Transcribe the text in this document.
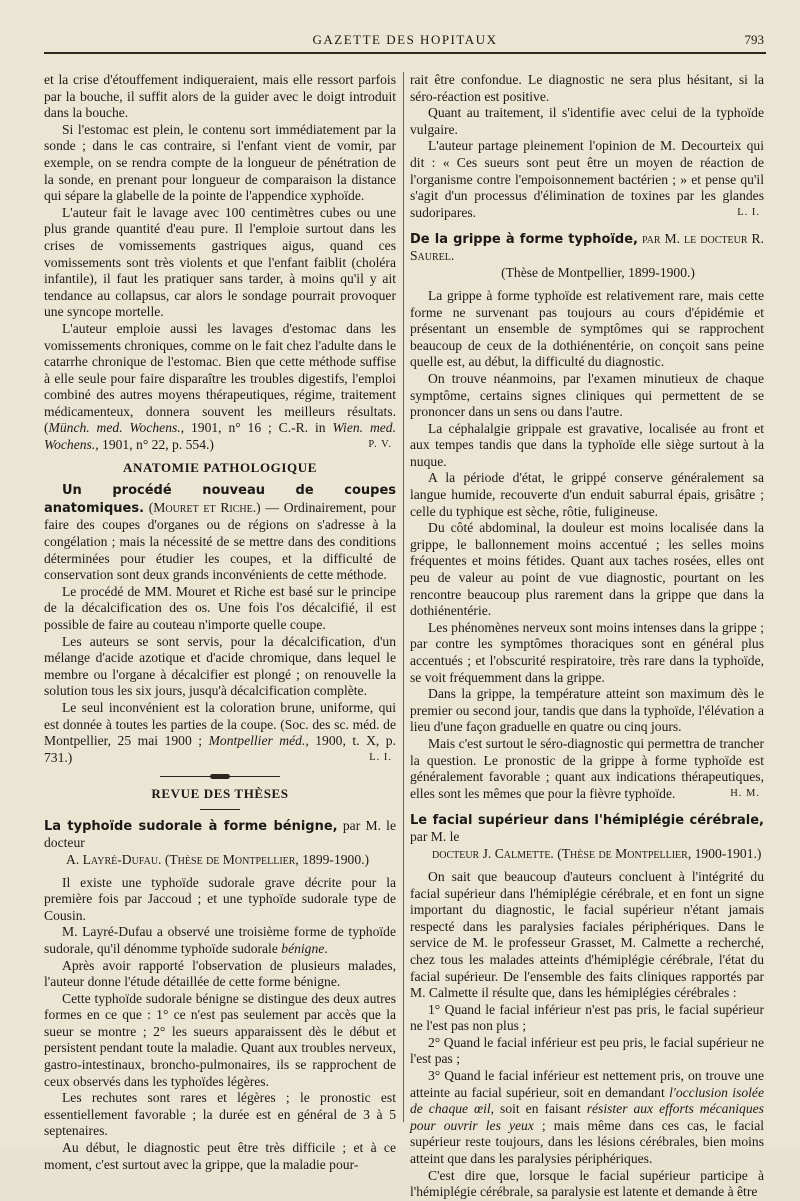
GAZETTE DES HOPITAUX	793

et la crise d'étouffement indiqueraient, mais elle ressort parfois par la bouche, il suffit alors de la guider avec le doigt introduit dans la bouche.

Si l'estomac est plein, le contenu sort immédiatement par la sonde ; dans le cas contraire, si l'enfant vient de vomir, par exemple, on se rendra compte de la longueur de pénétration de la sonde, en prenant pour longueur de comparaison la distance qui sépare la glabelle de la pointe de l'appendice xyphoïde.

L'auteur fait le lavage avec 100 centimètres cubes ou une plus grande quantité d'eau pure. Il l'emploie surtout dans les crises de vomissements gastriques aigus, quand ces vomissements sont très violents et que l'enfant faiblit (choléra infantile), il faut les pratiquer sans tarder, à moins qu'il y ait tendance au collapsus, car alors le sondage pourrait provoquer une syncope mortelle.

L'auteur emploie aussi les lavages d'estomac dans les vomissements chroniques, comme on le fait chez l'adulte dans le catarrhe chronique de l'estomac. Bien que cette méthode suffise à elle seule pour faire disparaître les troubles digestifs, l'emploi combiné des autres moyens thérapeutiques, régime, traitement médicamenteux, donnera souvent les meilleurs résultats. (Münch. med. Wochens., 1901, n° 16 ; C.-R. in Wien. med. Wochens., 1901, n° 22, p. 554.)	P. V.

ANATOMIE PATHOLOGIQUE

Un procédé nouveau de coupes anatomiques. (Mouret et Riche.) — Ordinairement, pour faire des coupes d'organes ou de régions on s'adresse à la congélation ; mais la nécessité de se mettre dans des conditions déterminées pour étudier les coupes, et la difficulté de conservation sont deux grands inconvénients de cette méthode.

Le procédé de MM. Mouret et Riche est basé sur le principe de la décalcification des os. Une fois l'os décalcifié, il est possible de faire au couteau n'importe quelle coupe.

Les auteurs se sont servis, pour la décalcification, d'un mélange d'acide azotique et d'acide chromique, dans lequel le membre ou l'organe à décalcifier est plongé ; on renouvelle la solution tous les six jours, jusqu'à décalcification complète.

Le seul inconvénient est la coloration brune, uniforme, qui est donnée à toutes les parties de la coupe. (Soc. des sc. méd. de Montpellier, 25 mai 1900 ; Montpellier méd., 1900, t. X, p. 731.)	L. I.

REVUE DES THÈSES

La typhoïde sudorale à forme bénigne, par M. le docteur

A. Layré-Dufau. (Thèse de Montpellier, 1899-1900.)

Il existe une typhoïde sudorale grave décrite pour la première fois par Jaccoud ; et une typhoïde sudorale type de Cousin.

M. Layré-Dufau a observé une troisième forme de typhoïde sudorale, qu'il dénomme typhoïde sudorale bénigne.

Après avoir rapporté l'observation de plusieurs malades, l'auteur donne l'étude détaillée de cette forme bénigne.

Cette typhoïde sudorale bénigne se distingue des deux autres formes en ce que : 1° ce n'est pas seulement par accès que la sueur se montre ; 2° les sueurs apparaissent dès le début et persistent pendant toute la maladie. Quant aux troubles nerveux, gastro-intestinaux, broncho-pulmonaires, ils se rapprochent de ceux observés dans les typhoïdes légères.

Les rechutes sont rares et légères ; le pronostic est essentiellement favorable ; la durée est en général de 3 à 5 septenaires.

Au début, le diagnostic peut être très difficile ; et à ce moment, c'est surtout avec la grippe, que la maladie pour-

rait être confondue. Le diagnostic ne sera plus hésitant, si la séro-réaction est positive.

Quant au traitement, il s'identifie avec celui de la typhoïde vulgaire.

L'auteur partage pleinement l'opinion de M. Decourteix qui dit : « Ces sueurs sont peut être un moyen de réaction de l'organisme contre l'empoisonnement bactérien ; » et pense qu'il s'agit d'un processus d'élimination de toxines par les glandes sudoripares.	L. I.

De la grippe à forme typhoïde, par M. le docteur R. Saurel.

(Thèse de Montpellier, 1899-1900.)

La grippe à forme typhoïde est relativement rare, mais cette forme ne survenant pas toujours au cours d'épidémie et présentant un ensemble de symptômes qui se rapprochent beaucoup de ceux de la dothiénentérie, on conçoit sans peine quelle est, au début, la difficulté du diagnostic.

On trouve néanmoins, par l'examen minutieux de chaque symptôme, certains signes cliniques qui permettent de se prononcer dans un sens ou dans l'autre.

La céphalalgie grippale est gravative, localisée au front et aux tempes tandis que dans la typhoïde elle siège surtout à la nuque.

A la période d'état, le grippé conserve généralement sa langue humide, recouverte d'un enduit saburral épais, grisâtre ; celle du typhique est sèche, rôtie, fuligineuse.

Du côté abdominal, la douleur est moins localisée dans la grippe, le ballonnement moins accentué ; les selles moins fréquentes et moins fétides. Quant aux taches rosées, elles ont peu de valeur au point de vue diagnostic, pourtant on les rencontre beaucoup plus rarement dans la grippe que dans la dothiénentérie.

Les phénomènes nerveux sont moins intenses dans la grippe ; par contre les symptômes thoraciques sont en général plus accentués ; et l'obscurité respiratoire, très rare dans la typhoïde, se voit fréquemment dans la grippe.

Dans la grippe, la température atteint son maximum dès le premier ou second jour, tandis que dans la typhoïde, l'élévation a lieu d'une façon graduelle en quatre ou cinq jours.

Mais c'est surtout le séro-diagnostic qui permettra de trancher la question. Le pronostic de la grippe à forme typhoïde est généralement favorable ; quant aux indications thérapeutiques, elles sont les mêmes que pour la fièvre typhoïde.	H. M.

Le facial supérieur dans l'hémiplégie cérébrale, par M. le

docteur J. Calmette. (Thèse de Montpellier, 1900-1901.)

On sait que beaucoup d'auteurs concluent à l'intégrité du facial supérieur dans l'hémiplégie cérébrale, et en font un signe important du diagnostic, le facial supérieur n'étant jamais respecté dans les paralysies faciales périphériques. Dans le service de M. le professeur Grasset, M. Calmette a recherché, chez tous les malades atteints d'hémiplégie cérébrale, l'état du facial supérieur. De l'ensemble des faits cliniques rapportés par M. Calmette il résulte que, dans les hémiplégies cérébrales :

1° Quand le facial inférieur n'est pas pris, le facial supérieur ne l'est pas non plus ;

2° Quand le facial inférieur est peu pris, le facial supérieur ne l'est pas ;

3° Quand le facial inférieur est nettement pris, on trouve une atteinte au facial supérieur, soit en demandant l'occlusion isolée de chaque œil, soit en faisant résister aux efforts mécaniques pour ouvrir les yeux ; mais même dans ces cas, le facial supérieur reste toujours, dans les lésions cérébrales, bien moins atteint que dans les paralysies périphériques.

C'est dire que, lorsque le facial supérieur participe à l'hémiplégie cérébrale, sa paralysie est latente et demande à être
